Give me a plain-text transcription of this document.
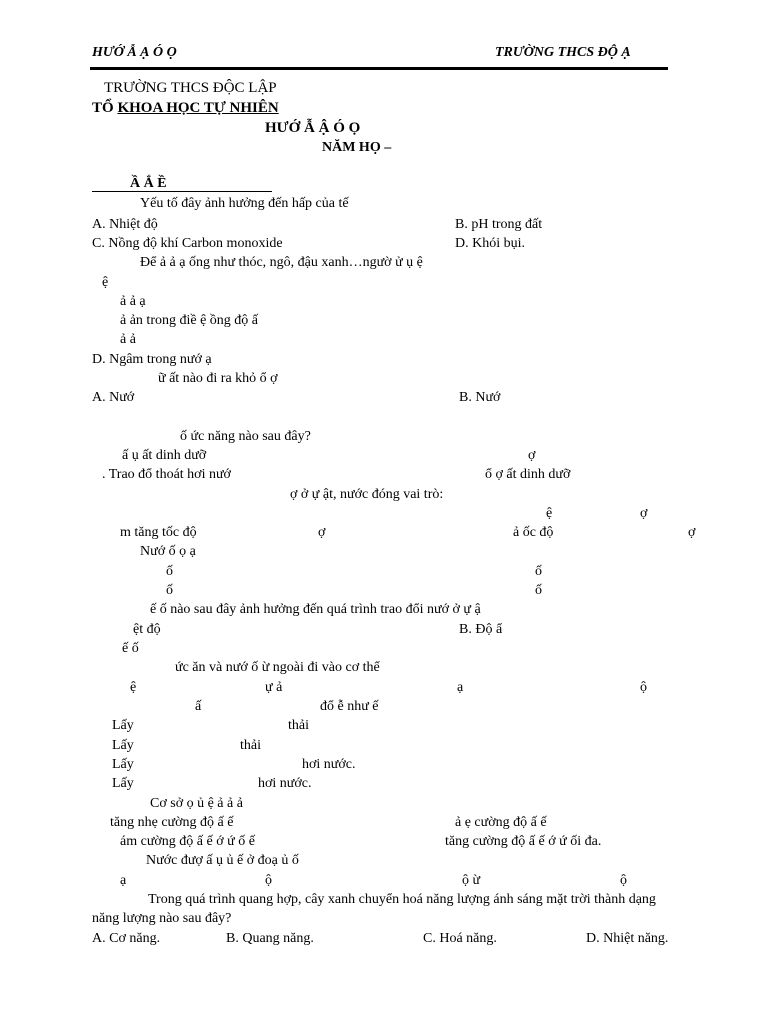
HƯỚ Ẫ Ạ Ó Ọ	TRƯỜNG THCS ĐỘ Ạ
TRƯỜNG THCS ĐỘC LẬP
TỔ KHOA HỌC TỰ NHIÊN
HƯỚ Ẫ Ậ Ó Ọ
NĂM HỌ –
Ầ Ắ Ề
Yếu tố đây ảnh hưởng đến hấp của tế
A. Nhiệt độ	B. pH trong đất
C. Nồng độ khí Carbon monoxide	D. Khói bụi.
Để ả ả ạ ống như thóc, ngô, đậu xanh…ngườ ử ụ ệ
ệ
ả ả ạ
ả ản trong điề ệ ồng độ ấ
ả ả
D. Ngâm trong nướ ạ
ữ ất nào đi ra khỏ ổ ợ
A. Nướ	B. Nướ
ố ức năng nào sau đây?
ấ ụ ất dinh dưỡ	ợ
. Trao đổ thoát hơi nướ	ổ ợ ất dinh dưỡ
ợ ở ự ật, nước đóng vai trò:
ệ	ợ
m tăng tốc độ	ợ	ả ốc độ	ợ
Nướ ố ọ ạ
ố	ố
ố	ố
ế ố nào sau đây ảnh hưởng đến quá trình trao đổi nướ ở ự ậ
ệt độ	B. Độ ẩ
ế ố
ức ăn và nướ ố ừ ngoài đi vào cơ thể
ệ	ự ả	ạ	ộ
ấ	đổ ễ như ế
Lấy	thải
Lấy	thải
Lấy	hơi nước.
Lấy	hơi nước.
Cơ sở ọ ủ ệ ả ả ả
tăng nhẹ cường độ ấ ế	ả ẹ cường độ ấ ế
ám cường độ ấ ế ớ ứ ố ế	tăng cường độ ấ ế ớ ứ ối đa.
Nước đượ ấ ụ ủ ế ở đoạ ủ ố
ạ	ộ	ộ ừ	ộ
Trong quá trình quang hợp, cây xanh chuyển hoá năng lượng ánh sáng mặt trời thành dạng
năng lượng nào sau đây?
A. Cơ năng.	B. Quang năng.	C. Hoá năng.	D. Nhiệt năng.
